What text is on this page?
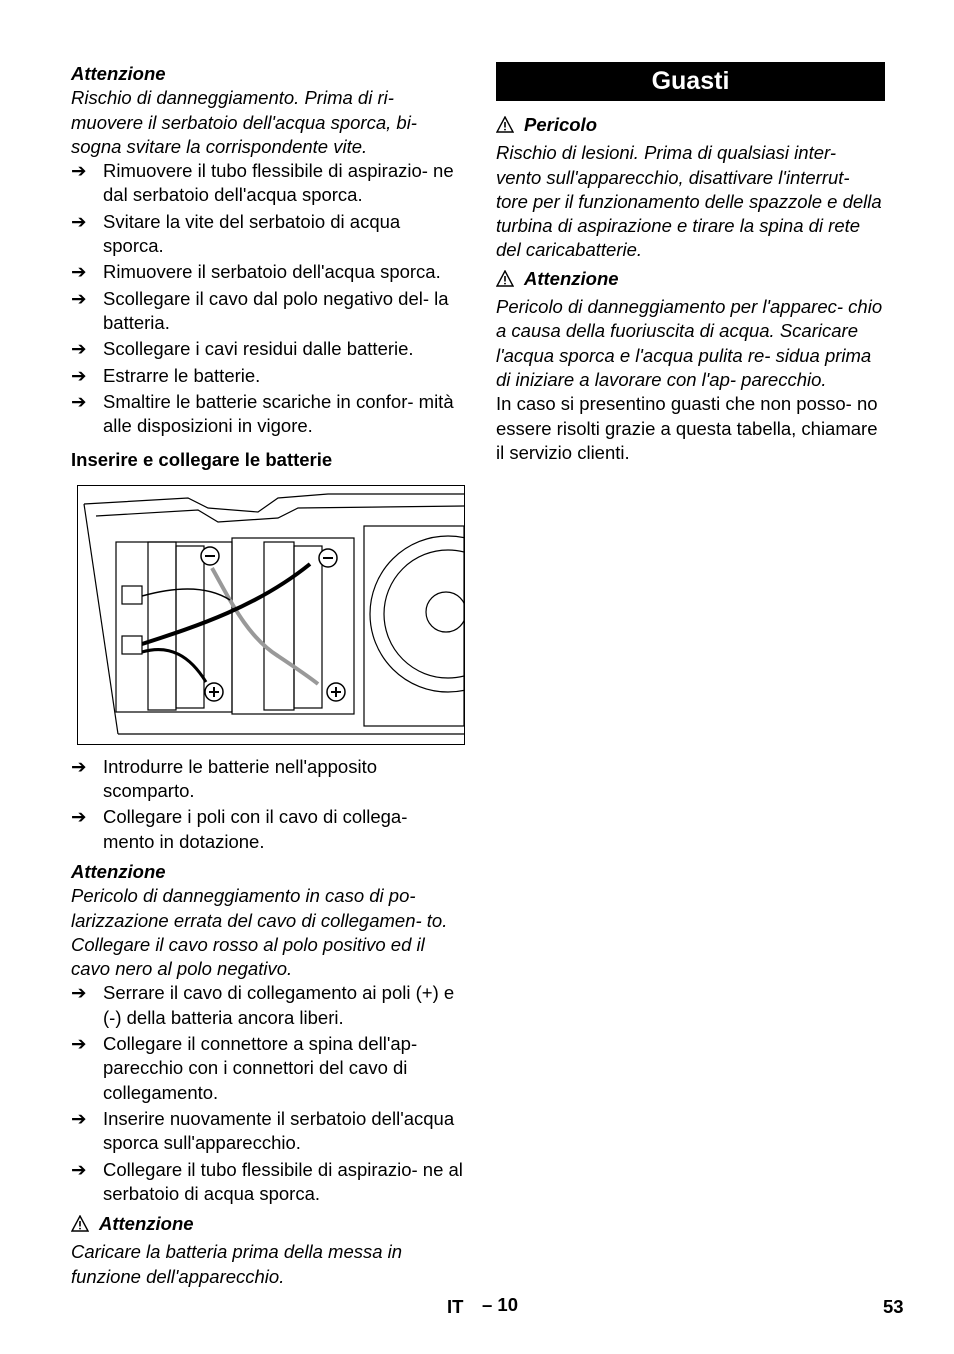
Attenzione

Rischio di danneggiamento. Prima di ri- muovere il serbatoio dell'acqua sporca, bi- sogna svitare la corrispondente vite.

➔ Rimuovere il tubo flessibile di aspirazio- ne dal serbatoio dell'acqua sporca.
➔ Svitare la vite del serbatoio di acqua sporca.
➔ Rimuovere il serbatoio dell'acqua sporca.
➔ Scollegare il cavo dal polo negativo del- la batteria.
➔ Scollegare i cavi residui dalle batterie.
➔ Estrarre le batterie.
➔ Smaltire le batterie scariche in confor- mità alle disposizioni in vigore.

Inserire e collegare le batterie

➔ Introdurre le batterie nell'apposito scomparto.
➔ Collegare i poli con il cavo di collega- mento in dotazione.

Attenzione

Pericolo di danneggiamento in caso di po- larizzazione errata del cavo di collegamen- to. Collegare il cavo rosso al polo positivo ed il cavo nero al polo negativo.

➔ Serrare il cavo di collegamento ai poli (+) e (-) della batteria ancora liberi.
➔ Collegare il connettore a spina dell'ap- parecchio con i connettori del cavo di collegamento.
➔ Inserire nuovamente il serbatoio dell'acqua sporca sull'apparecchio.
➔ Collegare il tubo flessibile di aspirazio- ne al serbatoio di acqua sporca.

Attenzione

Caricare la batteria prima della messa in funzione dell'apparecchio.

Guasti

Pericolo

Rischio di lesioni. Prima di qualsiasi inter- vento sull'apparecchio, disattivare l'interrut- tore per il funzionamento delle spazzole e della turbina di aspirazione e tirare la spina di rete del caricabatterie.

Attenzione

Pericolo di danneggiamento per l'apparec- chio a causa della fuoriuscita di acqua. Scaricare l'acqua sporca e l'acqua pulita re- sidua prima di iniziare a lavorare con l'ap- parecchio.

In caso si presentino guasti che non posso- no essere risolti grazie a questa tabella, chiamare il servizio clienti.

IT – 10	53
